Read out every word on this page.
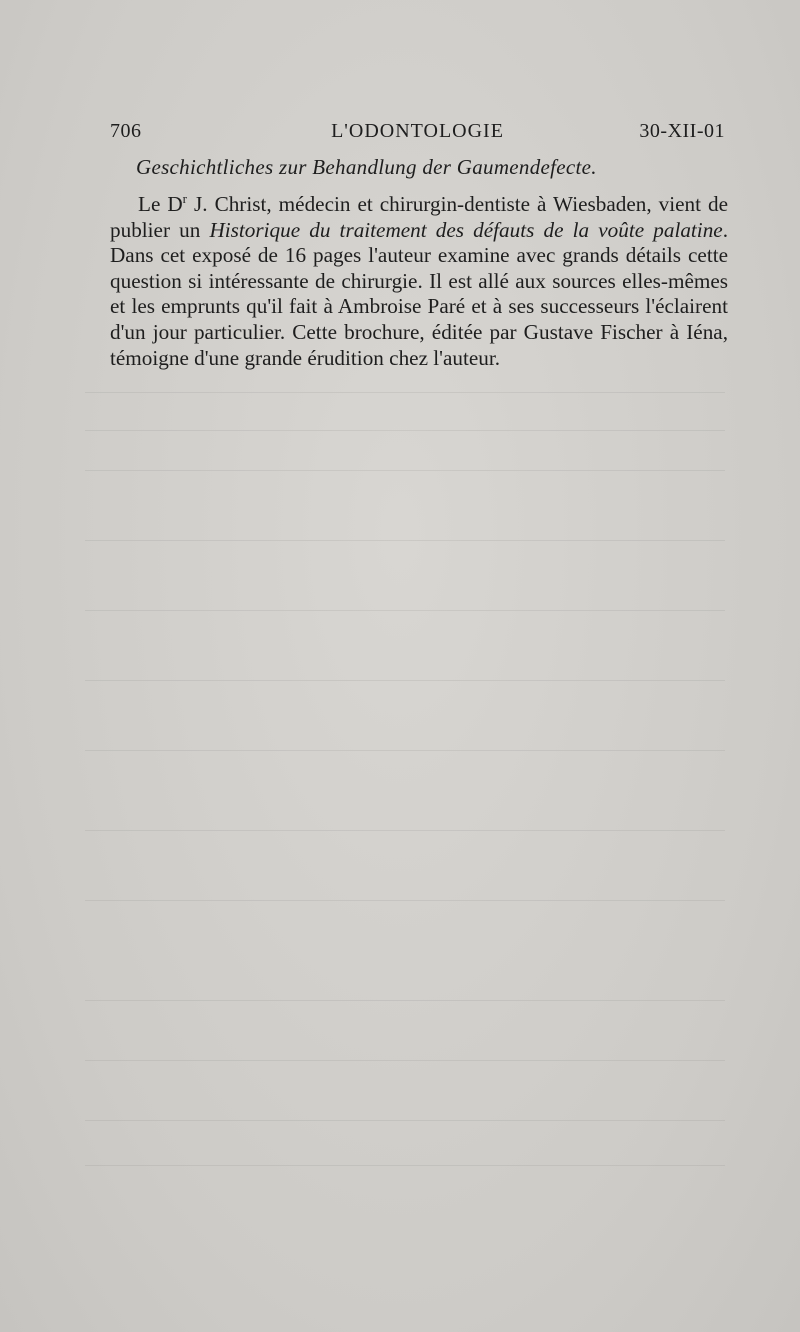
706	L'ODONTOLOGIE	30-XII-01
Geschichtliches zur Behandlung der Gaumendefecte.
Le $D^r$ J. Christ, médecin et chirurgin-dentiste à Wiesbaden, vient de publier un Historique du traitement des défauts de la voûte palatine. Dans cet exposé de 16 pages l'auteur examine avec grands détails cette question si intéressante de chirurgie. Il est allé aux sources elles-mêmes et les emprunts qu'il fait à Ambroise Paré et à ses successeurs l'éclairent d'un jour particulier. Cette brochure, éditée par Gustave Fischer à Iéna, témoigne d'une grande érudition chez l'auteur.
